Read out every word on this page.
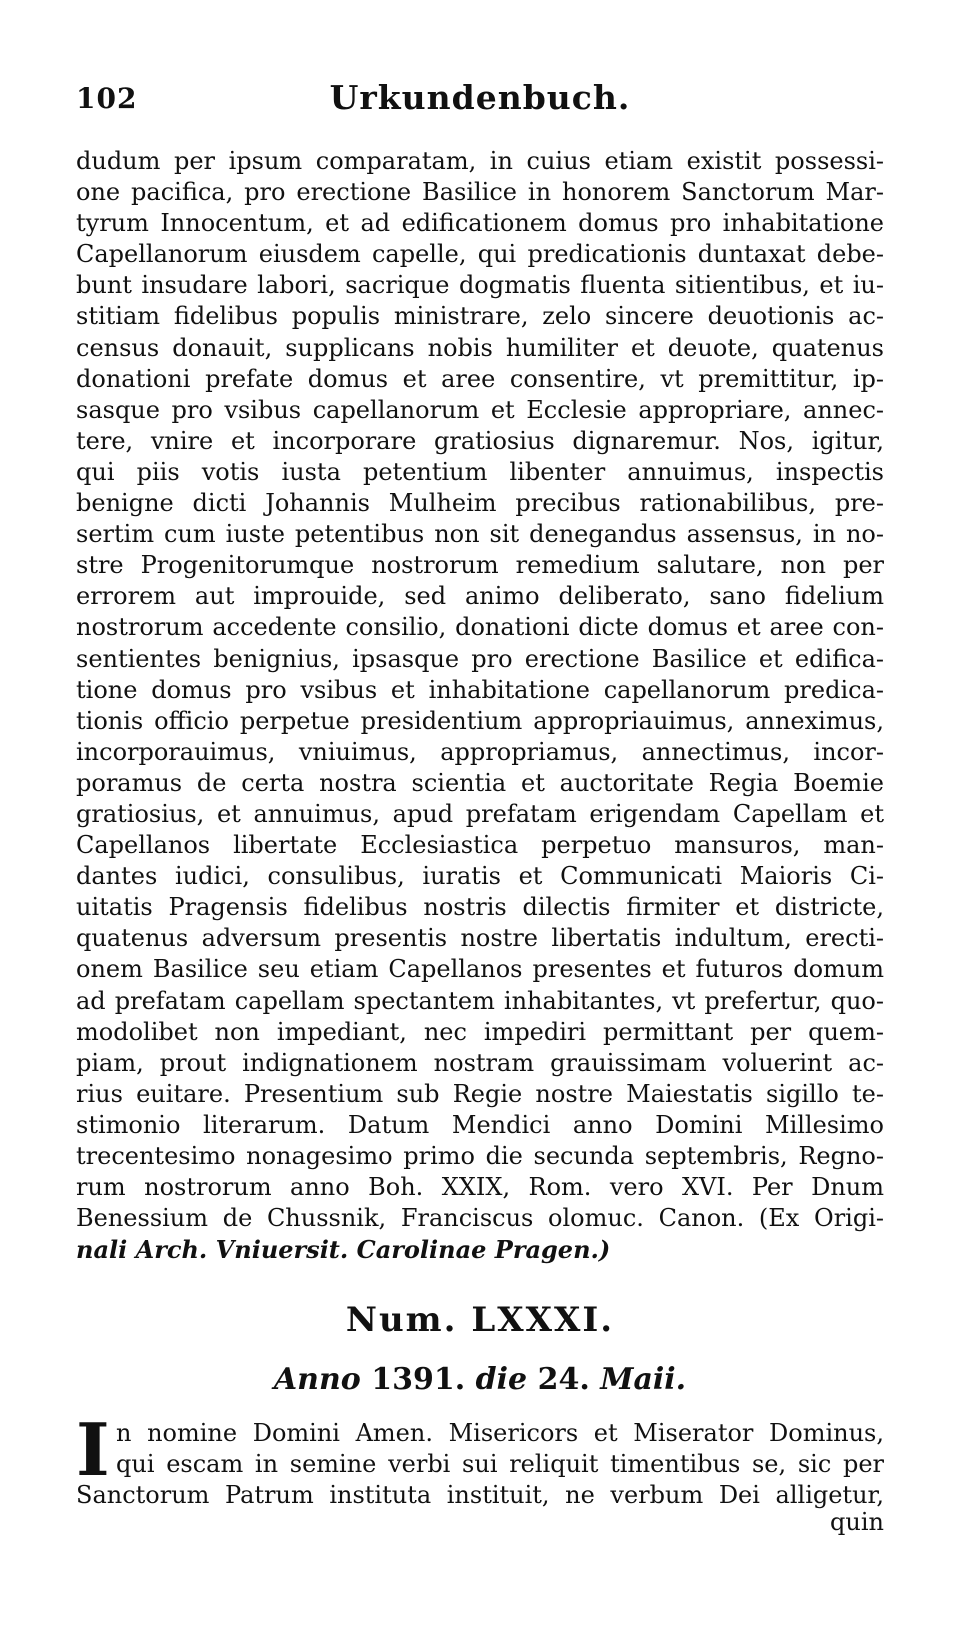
102	Urkundenbuch.
dudum per ipsum comparatam, in cuius etiam existit possessi-
one pacifica, pro erectione Basilice in honorem Sanctorum Mar-
tyrum Innocentum, et ad edificationem domus pro inhabitatione
Capellanorum eiusdem capelle, qui predicationis duntaxat debe-
bunt insudare labori, sacrique dogmatis fluenta sitientibus, et iu-
stitiam fidelibus populis ministrare, zelo sincere deuotionis ac-
census donauit, supplicans nobis humiliter et deuote, quatenus
donationi prefate domus et aree consentire, vt premittitur, ip-
sasque pro vsibus capellanorum et Ecclesie appropriare, annec-
tere, vnire et incorporare gratiosius dignaremur. Nos, igitur,
qui piis votis iusta petentium libenter annuimus, inspectis
benigne dicti Johannis Mulheim precibus rationabilibus, pre-
sertim cum iuste petentibus non sit denegandus assensus, in no-
stre Progenitorumque nostrorum remedium salutare, non per
errorem aut improuide, sed animo deliberato, sano fidelium
nostrorum accedente consilio, donationi dicte domus et aree con-
sentientes benignius, ipsasque pro erectione Basilice et edifica-
tione domus pro vsibus et inhabitatione capellanorum predica-
tionis officio perpetue presidentium appropriauimus, anneximus,
incorporauimus, vniuimus, appropriamus, annectimus, incor-
poramus de certa nostra scientia et auctoritate Regia Boemie
gratiosius, et annuimus, apud prefatam erigendam Capellam et
Capellanos libertate Ecclesiastica perpetuo mansuros, man-
dantes iudici, consulibus, iuratis et Communicati Maioris Ci-
uitatis Pragensis fidelibus nostris dilectis firmiter et districte,
quatenus adversum presentis nostre libertatis indultum, erecti-
onem Basilice seu etiam Capellanos presentes et futuros domum
ad prefatam capellam spectantem inhabitantes, vt prefertur, quo-
modolibet non impediant, nec impediri permittant per quem-
piam, prout indignationem nostram grauissimam voluerint ac-
rius euitare. Presentium sub Regie nostre Maiestatis sigillo te-
stimonio literarum. Datum Mendici anno Domini Millesimo
trecentesimo nonagesimo primo die secunda septembris, Regno-
rum nostrorum anno Boh. XXIX, Rom. vero XVI. Per Dnum
Benessium de Chussnik, Franciscus olomuc. Canon. (Ex Origi-
nali Arch. Vniuersit. Carolinae Pragen.)
Num. LXXXI.
Anno 1391. die 24. Maii.
I n nomine Domini Amen. Misericors et Miserator Dominus,
qui escam in semine verbi sui reliquit timentibus se, sic per
Sanctorum Patrum instituta instituit, ne verbum Dei alligetur,
quin
